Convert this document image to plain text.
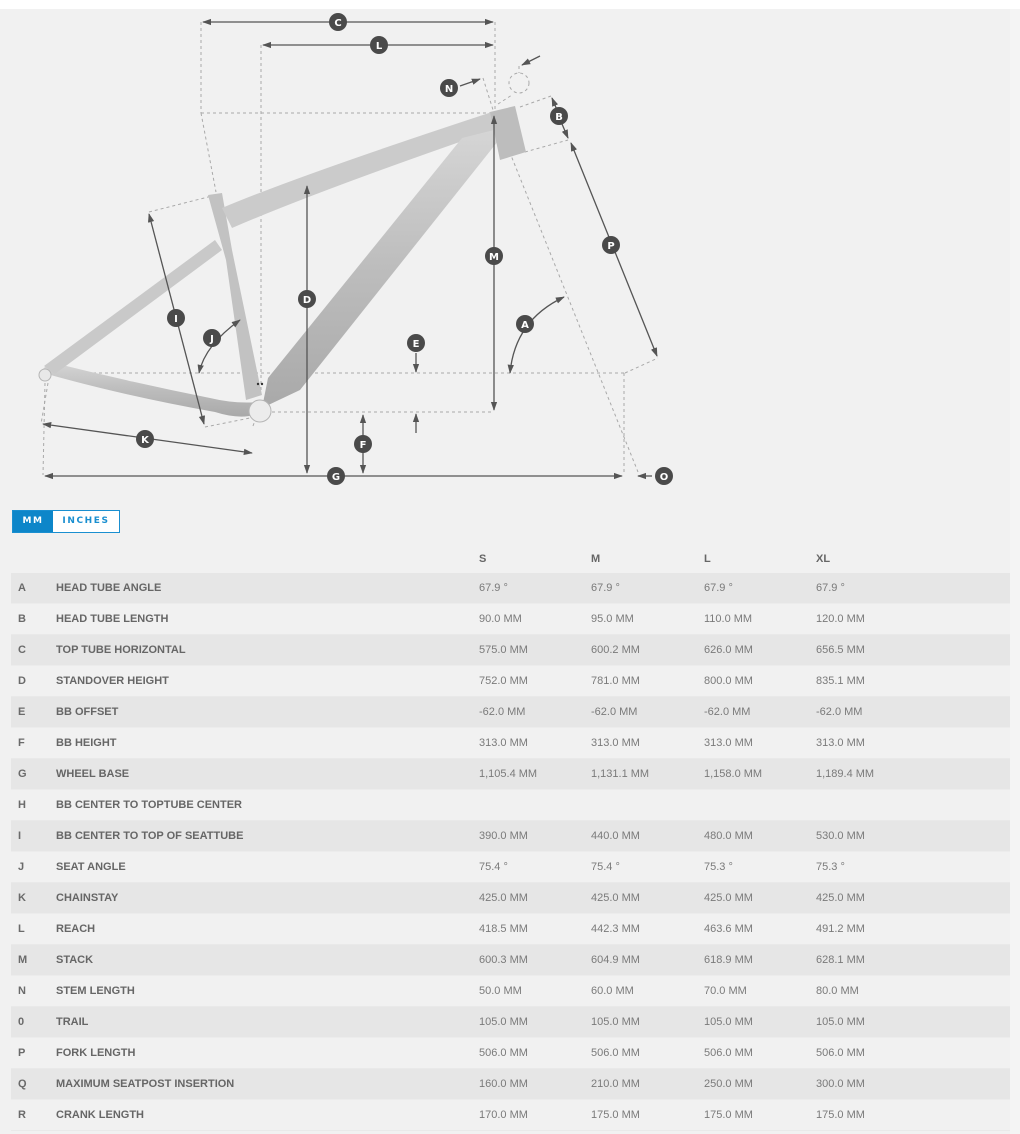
C
L
N
B
P
M
D
I
J
A
E
F
K
G	O
MM	INCHES
S	M	L	XL
A	HEAD TUBE ANGLE	67.9 °	67.9 °	67.9 °	67.9 °
B	HEAD TUBE LENGTH	90.0 MM	95.0 MM	110.0 MM	120.0 MM
C	TOP TUBE HORIZONTAL	575.0 MM	600.2 MM	626.0 MM	656.5 MM
D	STANDOVER HEIGHT	752.0 MM	781.0 MM	800.0 MM	835.1 MM
E	BB OFFSET	-62.0 MM	-62.0 MM	-62.0 MM	-62.0 MM
F	BB HEIGHT	313.0 MM	313.0 MM	313.0 MM	313.0 MM
G	WHEEL BASE	1,105.4 MM	1,131.1 MM	1,158.0 MM	1,189.4 MM
H	BB CENTER TO TOPTUBE CENTER
I	BB CENTER TO TOP OF SEATTUBE	390.0 MM	440.0 MM	480.0 MM	530.0 MM
J	SEAT ANGLE	75.4 °	75.4 °	75.3 °	75.3 °
K	CHAINSTAY	425.0 MM	425.0 MM	425.0 MM	425.0 MM
L	REACH	418.5 MM	442.3 MM	463.6 MM	491.2 MM
M	STACK	600.3 MM	604.9 MM	618.9 MM	628.1 MM
N	STEM LENGTH	50.0 MM	60.0 MM	70.0 MM	80.0 MM
0	TRAIL	105.0 MM	105.0 MM	105.0 MM	105.0 MM
P	FORK LENGTH	506.0 MM	506.0 MM	506.0 MM	506.0 MM
Q	MAXIMUM SEATPOST INSERTION	160.0 MM	210.0 MM	250.0 MM	300.0 MM
R	CRANK LENGTH	170.0 MM	175.0 MM	175.0 MM	175.0 MM
